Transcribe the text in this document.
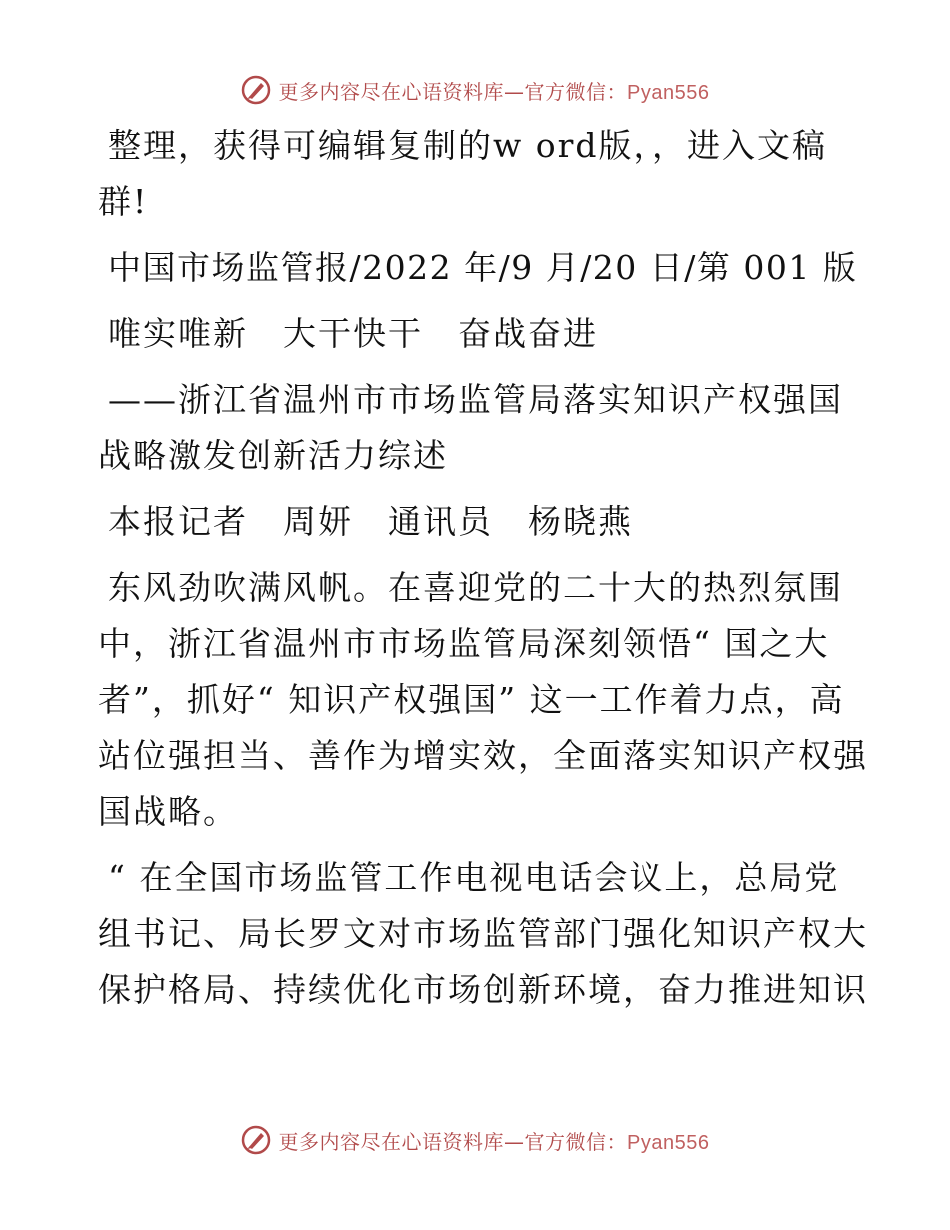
更多内容尽在心语资料库—官方微信：Pyan556

整理，获得可编辑复制的w ord版，，进入文稿群!

中国市场监管报/2022 年/9 月/20 日/第 001 版

唯实唯新　大干快干　奋战奋进

——浙江省温州市市场监管局落实知识产权强国战略激发创新活力综述

本报记者　周妍　通讯员　杨晓燕

东风劲吹满风帆。在喜迎党的二十大的热烈氛围中，浙江省温州市市场监管局深刻领悟“ 国之大者”，抓好“ 知识产权强国” 这一工作着力点，高站位强担当、善作为增实效，全面落实知识产权强国战略。

“ 在全国市场监管工作电视电话会议上，总局党组书记、局长罗文对市场监管部门强化知识产权大保护格局、持续优化市场创新环境，奋力推进知识

更多内容尽在心语资料库—官方微信：Pyan556
